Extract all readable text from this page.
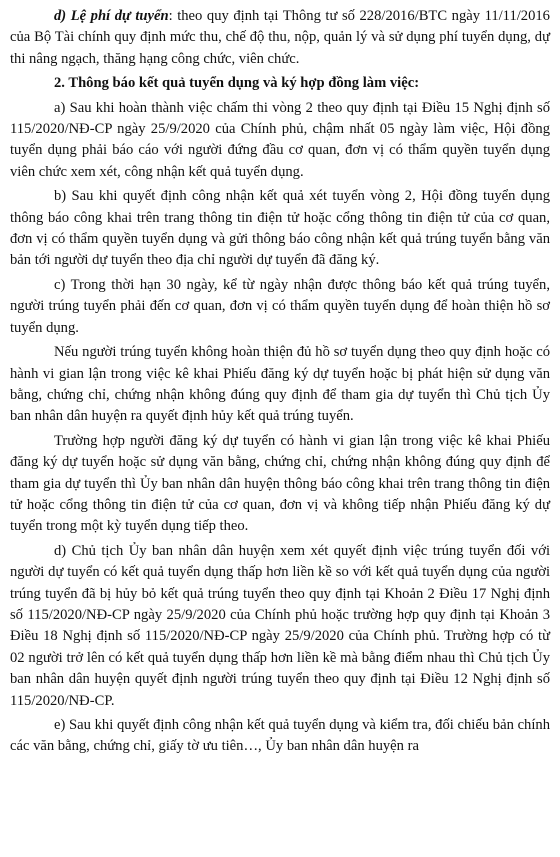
d) Lệ phí dự tuyển: theo quy định tại Thông tư số 228/2016/BTC ngày 11/11/2016 của Bộ Tài chính quy định mức thu, chế độ thu, nộp, quản lý và sử dụng phí tuyển dụng, dự thi nâng ngạch, thăng hạng công chức, viên chức.

2. Thông báo kết quả tuyển dụng và ký hợp đồng làm việc:

a) Sau khi hoàn thành việc chấm thi vòng 2 theo quy định tại Điều 15 Nghị định số 115/2020/NĐ-CP ngày 25/9/2020 của Chính phủ, chậm nhất 05 ngày làm việc, Hội đồng tuyển dụng phải báo cáo với người đứng đầu cơ quan, đơn vị có thẩm quyền tuyển dụng viên chức xem xét, công nhận kết quả tuyển dụng.

b) Sau khi quyết định công nhận kết quả xét tuyển vòng 2, Hội đồng tuyển dụng thông báo công khai trên trang thông tin điện tử hoặc cổng thông tin điện tử của cơ quan, đơn vị có thẩm quyền tuyển dụng và gửi thông báo công nhận kết quả trúng tuyển bằng văn bản tới người dự tuyển theo địa chỉ người dự tuyển đã đăng ký.

c) Trong thời hạn 30 ngày, kể từ ngày nhận được thông báo kết quả trúng tuyển, người trúng tuyển phải đến cơ quan, đơn vị có thẩm quyền tuyển dụng để hoàn thiện hồ sơ tuyển dụng.

Nếu người trúng tuyển không hoàn thiện đủ hồ sơ tuyển dụng theo quy định hoặc có hành vi gian lận trong việc kê khai Phiếu đăng ký dự tuyển hoặc bị phát hiện sử dụng văn bằng, chứng chỉ, chứng nhận không đúng quy định để tham gia dự tuyển thì Chủ tịch Ủy ban nhân dân huyện ra quyết định hủy kết quả trúng tuyển.

Trường hợp người đăng ký dự tuyển có hành vi gian lận trong việc kê khai Phiếu đăng ký dự tuyển hoặc sử dụng văn bằng, chứng chỉ, chứng nhận không đúng quy định để tham gia dự tuyển thì Ủy ban nhân dân huyện thông báo công khai trên trang thông tin điện tử hoặc cổng thông tin điện tử của cơ quan, đơn vị và không tiếp nhận Phiếu đăng ký dự tuyển trong một kỳ tuyển dụng tiếp theo.

d) Chủ tịch Ủy ban nhân dân huyện xem xét quyết định việc trúng tuyển đối với người dự tuyển có kết quả tuyển dụng thấp hơn liền kề so với kết quả tuyển dụng của người trúng tuyển đã bị hủy bỏ kết quả trúng tuyển theo quy định tại Khoản 2 Điều 17 Nghị định số 115/2020/NĐ-CP ngày 25/9/2020 của Chính phủ hoặc trường hợp quy định tại Khoản 3 Điều 18 Nghị định số 115/2020/NĐ-CP ngày 25/9/2020 của Chính phủ. Trường hợp có từ 02 người trở lên có kết quả tuyển dụng thấp hơn liền kề mà bằng điểm nhau thì Chủ tịch Ủy ban nhân dân huyện quyết định người trúng tuyển theo quy định tại Điều 12 Nghị định số 115/2020/NĐ-CP.

e) Sau khi quyết định công nhận kết quả tuyển dụng và kiểm tra, đối chiếu bản chính các văn bằng, chứng chỉ, giấy tờ ưu tiên…, Ủy ban nhân dân huyện ra
